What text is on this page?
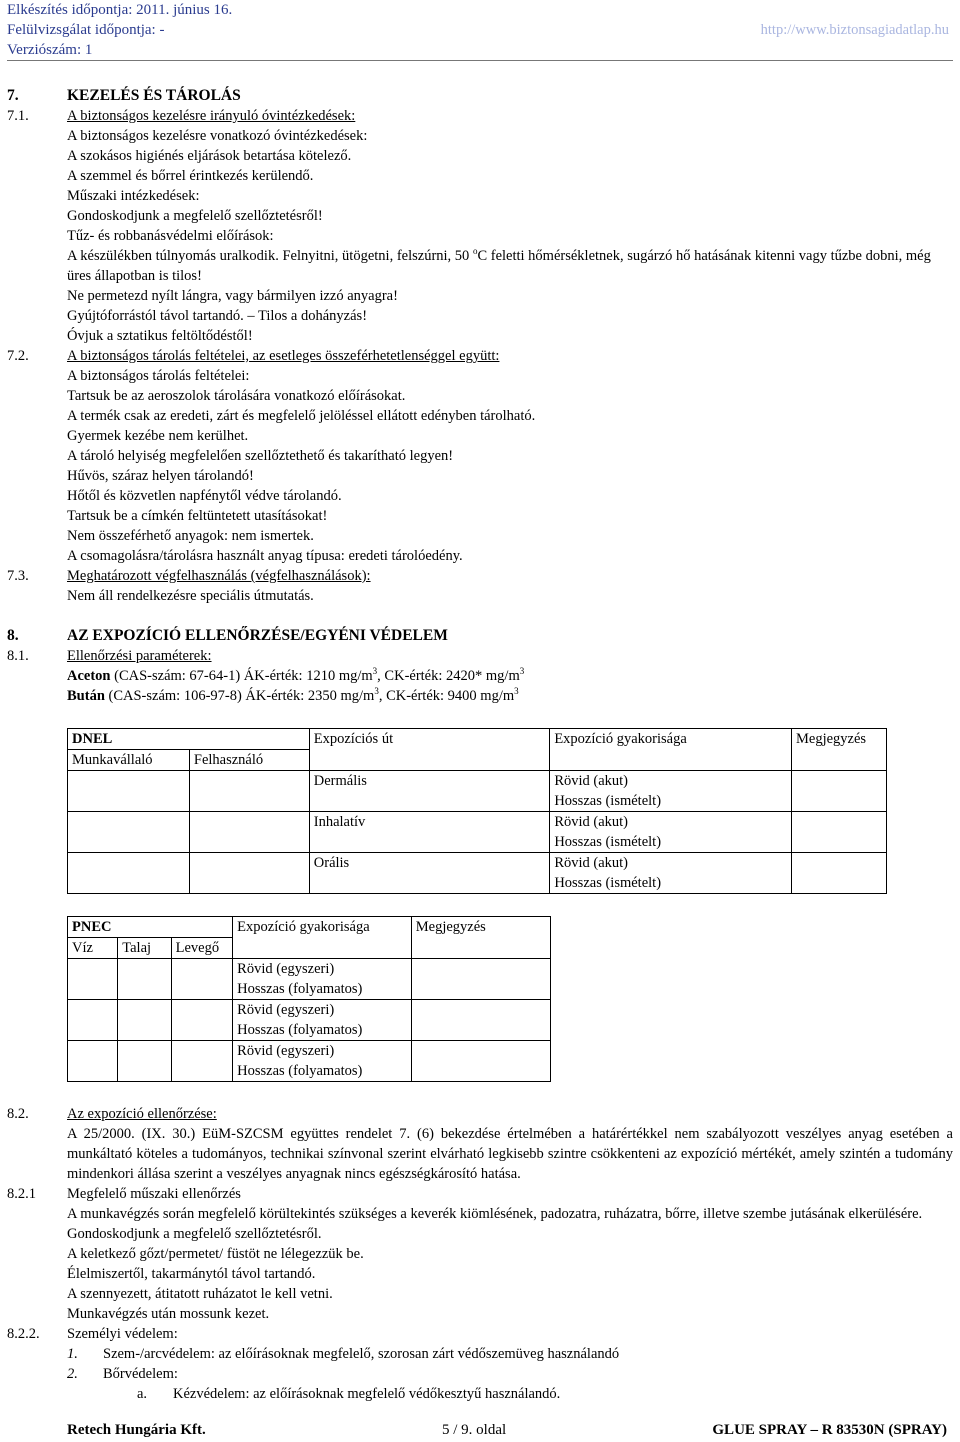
Elkészítés időpontja: 2011. június 16.
Felülvizsgálat időpontja: -
Verziószám: 1
http://www.biztonsagiadatlap.hu
7.	KEZELÉS ÉS TÁROLÁS
7.1.	A biztonságos kezelésre irányuló óvintézkedések:
A biztonságos kezelésre vonatkozó óvintézkedések:
A szokásos higiénés eljárások betartása kötelező.
A szemmel és bőrrel érintkezés kerülendő.
Műszaki intézkedések:
Gondoskodjunk a megfelelő szellőztetésről!
Tűz- és robbanásvédelmi előírások:
A készülékben túlnyomás uralkodik. Felnyitni, ütögetni, felszúrni, 50 $^o$C feletti hőmérsékletnek, sugárzó hő hatásának kitenni vagy tűzbe dobni, még üres állapotban is tilos!
Ne permetezd nyílt lángra, vagy bármilyen izzó anyagra!
Gyújtóforrástól távol tartandó. – Tilos a dohányzás!
Óvjuk a sztatikus feltöltődéstől!
7.2.	A biztonságos tárolás feltételei, az esetleges összeférhetetlenséggel együtt:
A biztonságos tárolás feltételei:
Tartsuk be az aeroszolok tárolására vonatkozó előírásokat.
A termék csak az eredeti, zárt és megfelelő jelöléssel ellátott edényben tárolható.
Gyermek kezébe nem kerülhet.
A tároló helyiség megfelelően szellőztethető és takarítható legyen!
Hűvös, száraz helyen tárolandó!
Hőtől és közvetlen napfénytől védve tárolandó.
Tartsuk be a címkén feltüntetett utasításokat!
Nem összeférhető anyagok: nem ismertek.
A csomagolásra/tárolásra használt anyag típusa: eredeti tárolóedény.
7.3.	Meghatározott végfelhasználás (végfelhasználások):
Nem áll rendelkezésre speciális útmutatás.
8.	AZ EXPOZÍCIÓ ELLENŐRZÉSE/EGYÉNI VÉDELEM
8.1.	Ellenőrzési paraméterek:
Aceton (CAS-szám: 67-64-1) ÁK-érték: 1210 $mg/m^3$, CK-érték: 2420* $mg/m^3$
Bután (CAS-szám: 106-97-8) ÁK-érték: 2350 $mg/m^3$, CK-érték: 9400 $mg/m^3$
DNEL		Expozíciós út	Expozíció gyakorisága	Megjegyzés
Munkavállaló	Felhasználó			
		Dermális	Rövid (akut)
Hosszas (ismételt)	

		Inhalatív	Rövid (akut)
Hosszas (ismételt)	

		Orális	Rövid (akut)
Hosszas (ismételt)	

PNEC			Expozíció gyakorisága	Megjegyzés
Víz	Talaj	Levegő		

			Rövid (egyszeri)
Hosszas (folyamatos)	

			Rövid (egyszeri)
Hosszas (folyamatos)	

			Rövid (egyszeri)
Hosszas (folyamatos)	

8.2.	Az expozíció ellenőrzése:
A 25/2000. (IX. 30.) EüM-SZCSM együttes rendelet 7. (6) bekezdése értelmében a határértékkel nem szabályozott veszélyes anyag esetében a munkáltató köteles a tudományos, technikai színvonal szerint elvárható legkisebb szintre csökkenteni az expozíció mértékét, amely szintén a tudomány mindenkori állása szerint a veszélyes anyagnak nincs egészségkárosító hatása.
8.2.1	Megfelelő műszaki ellenőrzés
A munkavégzés során megfelelő körültekintés szükséges a keverék kiömlésének, padozatra, ruházatra, bőrre, illetve szembe jutásának elkerülésére.
Gondoskodjunk a megfelelő szellőztetésről.
A keletkező gőzt/permetet/ füstöt ne lélegezzük be.
Élelmiszertől, takarmánytól távol tartandó.
A szennyezett, átitatott ruházatot le kell vetni.
Munkavégzés után mossunk kezet.
8.2.2.	Személyi védelem:
1.	Szem-/arcvédelem: az előírásoknak megfelelő, szorosan zárt védőszemüveg használandó
2.	Bőrvédelem:
a.	Kézvédelem: az előírásoknak megfelelő védőkesztyű használandó.
Retech Hungária Kft.	5 / 9. oldal	GLUE SPRAY – R 83530N (SPRAY)
